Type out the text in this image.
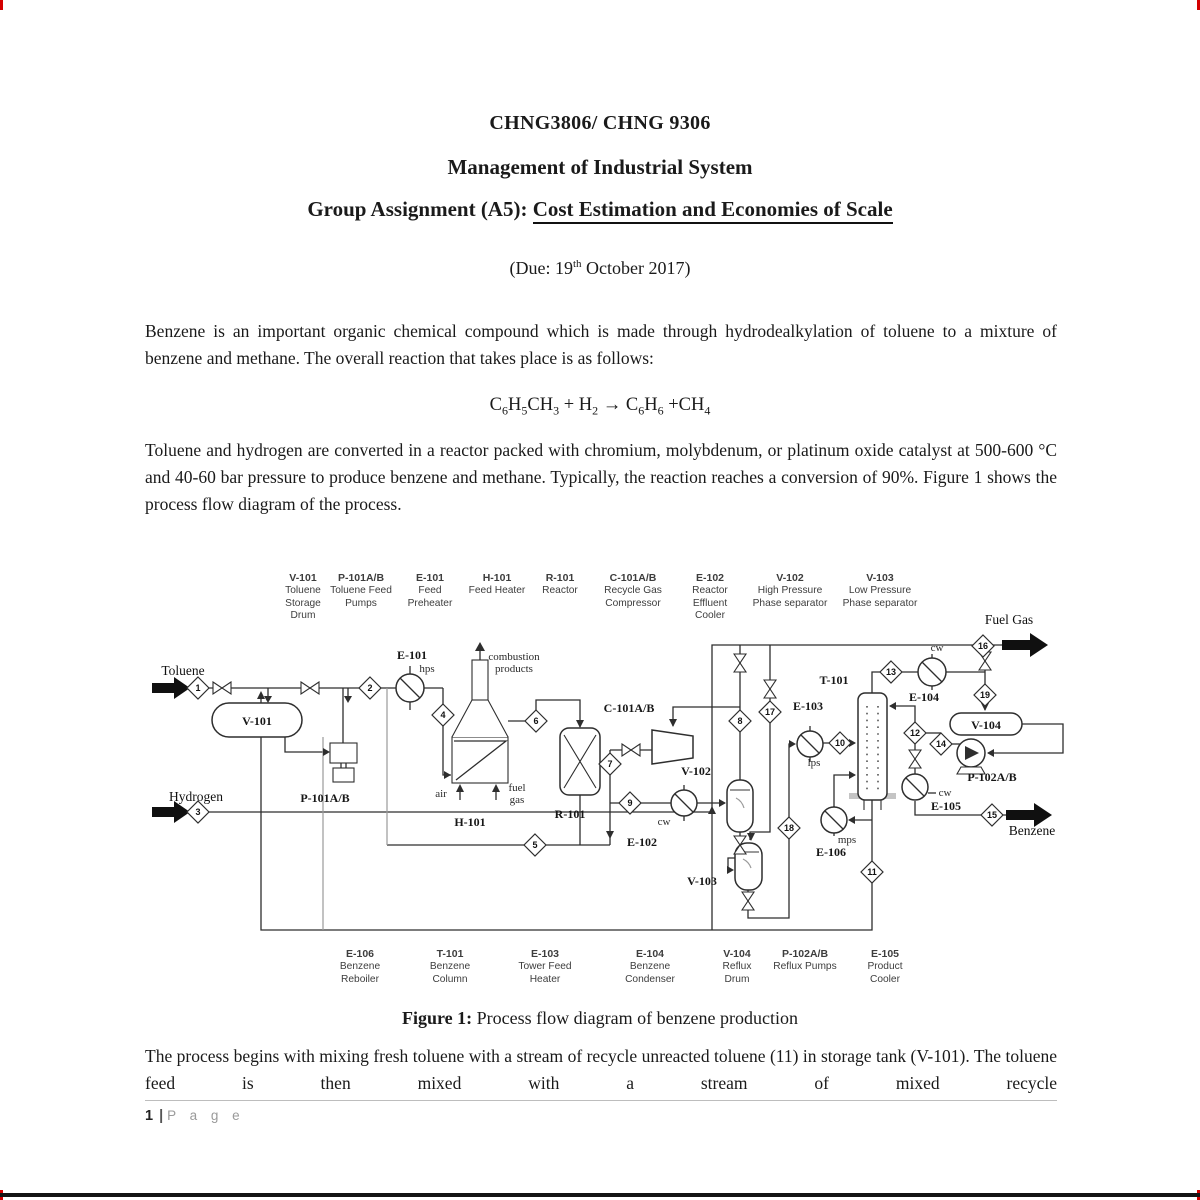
CHNG3806/ CHNG 9306
Management of Industrial System
Group Assignment (A5): Cost Estimation and Economies of Scale
(Due: 19th October 2017)

Benzene is an important organic chemical compound which is made through hydrodealkylation of toluene to a mixture of benzene and methane. The overall reaction that takes place is as follows:

$C_6H_5CH_3 + H_2 \to C_6H_6 +CH_4$

Toluene and hydrogen are converted in a reactor packed with chromium, molybdenum, or platinum oxide catalyst at 500-600 °C and 40-60 bar pressure to produce benzene and methane. Typically, the reaction reaches a conversion of 90%. Figure 1 shows the process flow diagram of the process.

V-101
Toluene Storage Drum
P-101A/B
Toluene Feed Pumps
E-101
Feed Preheater
H-101
Feed Heater
R-101
Reactor
C-101A/B
Recycle Gas Compressor
E-102
Reactor Effluent Cooler
V-102
High Pressure Phase separator
V-103
Low Pressure Phase separator
E-106
Benzene Reboiler
T-101
Benzene Column
E-103
Tower Feed Heater
E-104
Benzene Condenser
V-104
Reflux Drum
P-102A/B
Reflux Pumps
E-105
Product Cooler
V-101	V-104
1	2
3
4
5
6
7
8
9
10
11
12
13
14
15
16
17
18
19
Toluene
Hydrogen	P-101A/B
E-101
hps
combustion
products
air	fuel
gas
H-101
R-101
C-101A/B
V-102
cw
E-102
V-103
E-103
lps
T-101
E-104
cw
P-102A/B
cw
E-105
mps
E-106
Fuel Gas
Benzene
Figure 1: Process flow diagram of benzene production

The process begins with mixing fresh toluene with a stream of recycle unreacted toluene (11) in storage tank (V-101). The toluene feed is then mixed with a stream of mixed recycle

1 | P a g e
